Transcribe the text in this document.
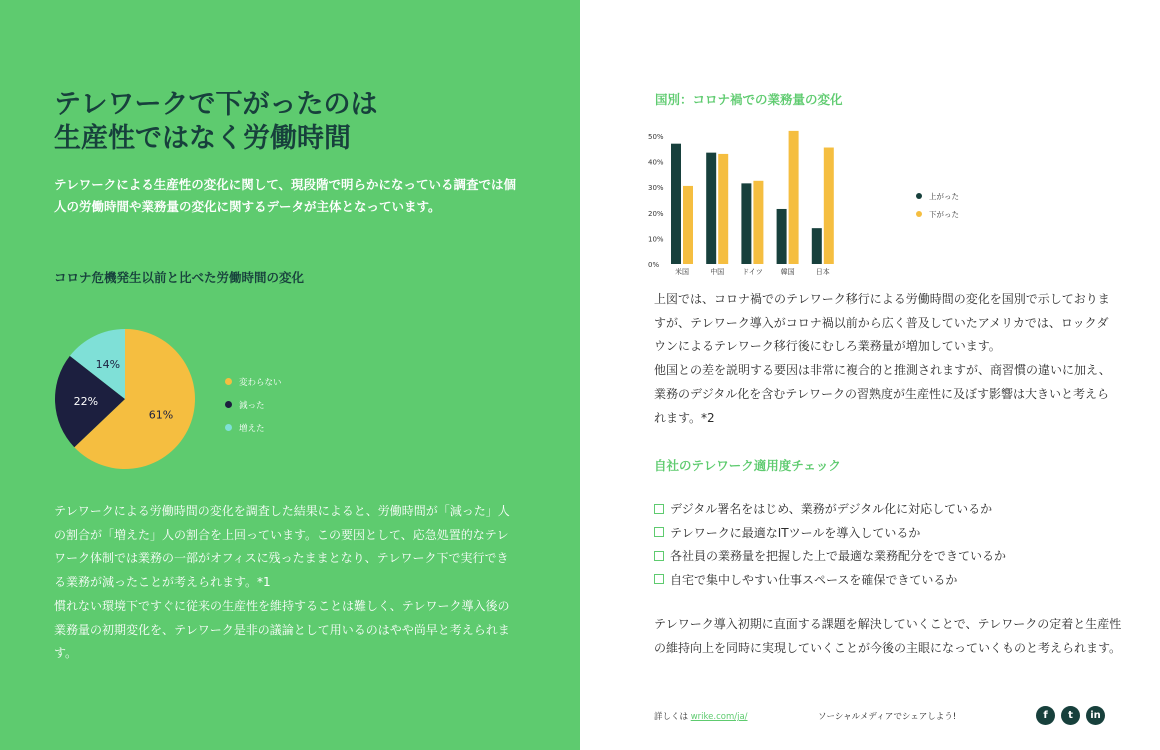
テレワークで下がったのは
生産性ではなく労働時間

テレワークによる生産性の変化に関して、現段階で明らかになっている調査では個人の労働時間や業務量の変化に関するデータが主体となっています。

コロナ危機発生以前と比べた労働時間の変化
61%
22%
14%
変わらない
減った
増えた

テレワークによる労働時間の変化を調査した結果によると、労働時間が「減った」人の割合が「増えた」人の割合を上回っています。この要因として、応急処置的なテレワーク体制では業務の一部がオフィスに残ったままとなり、テレワーク下で実行できる業務が減ったことが考えられます。*1

慣れない環境下ですぐに従来の生産性を維持することは難しく、テレワーク導入後の業務量の初期変化を、テレワーク是非の議論として用いるのはやや尚早と考えられます。

国別：コロナ禍での業務量の変化
0%
10%
20%
30%
40%
50%
米国	中国	ドイツ	韓国	日本
上がった
下がった

上図では、コロナ禍でのテレワーク移行による労働時間の変化を国別で示しておりますが、テレワーク導入がコロナ禍以前から広く普及していたアメリカでは、ロックダウンによるテレワーク移行後にむしろ業務量が増加しています。

他国との差を説明する要因は非常に複合的と推測されますが、商習慣の違いに加え、業務のデジタル化を含むテレワークの習熟度が生産性に及ぼす影響は大きいと考えられます。*2

自社のテレワーク適用度チェック
デジタル署名をはじめ、業務がデジタル化に対応しているか
テレワークに最適なITツールを導入しているか
各社員の業務量を把握した上で最適な業務配分をできているか
自宅で集中しやすい仕事スペースを確保できているか

テレワーク導入初期に直面する課題を解決していくことで、テレワークの定着と生産性の維持向上を同時に実現していくことが今後の主眼になっていくものと考えられます。

詳しくは wrike.com/ja/	ソーシャルメディアでシェアしよう!	f	t	in
